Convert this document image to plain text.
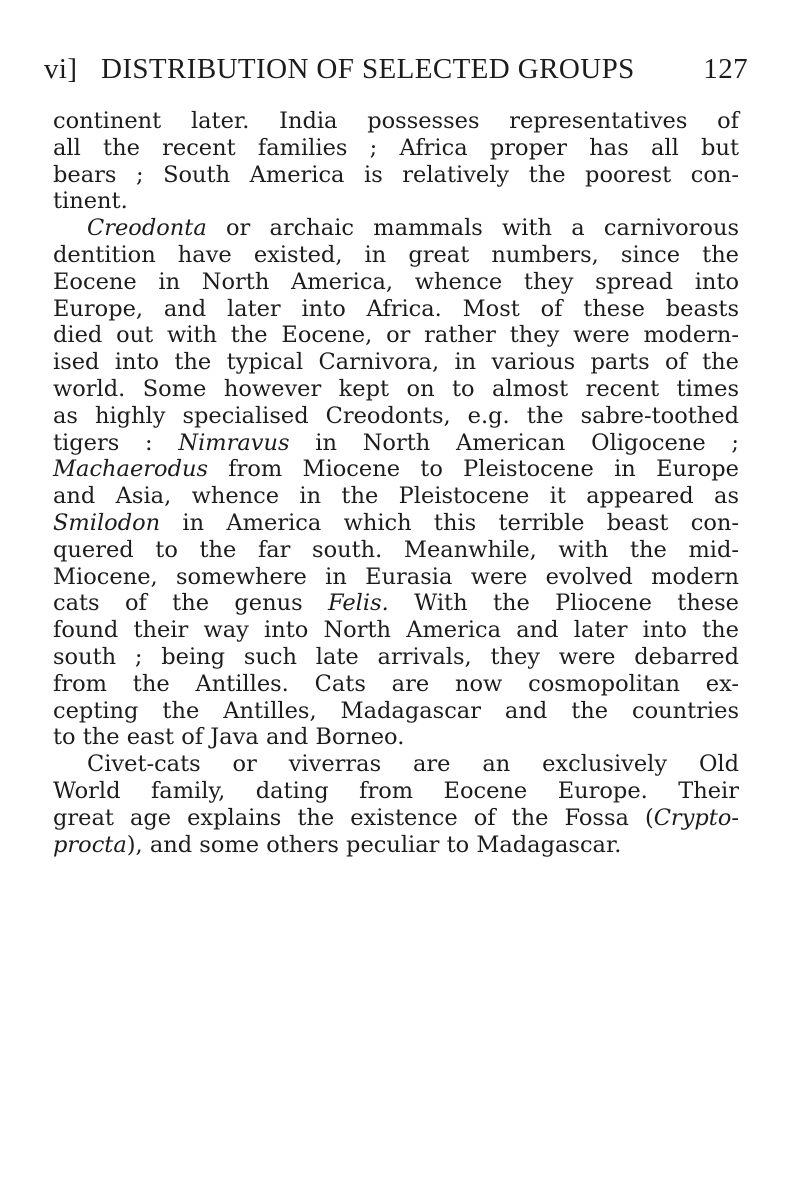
vi] DISTRIBUTION OF SELECTED GROUPS 127
continent later. India possesses representatives of
all the recent families ; Africa proper has all but
bears ; South America is relatively the poorest con-
tinent.
Creodonta or archaic mammals with a carnivorous
dentition have existed, in great numbers, since the
Eocene in North America, whence they spread into
Europe, and later into Africa. Most of these beasts
died out with the Eocene, or rather they were modern-
ised into the typical Carnivora, in various parts of the
world. Some however kept on to almost recent times
as highly specialised Creodonts, e.g. the sabre-toothed
tigers : Nimravus in North American Oligocene ;
Machaerodus from Miocene to Pleistocene in Europe
and Asia, whence in the Pleistocene it appeared as
Smilodon in America which this terrible beast con-
quered to the far south. Meanwhile, with the mid-
Miocene, somewhere in Eurasia were evolved modern
cats of the genus Felis. With the Pliocene these
found their way into North America and later into the
south ; being such late arrivals, they were debarred
from the Antilles. Cats are now cosmopolitan ex-
cepting the Antilles, Madagascar and the countries
to the east of Java and Borneo.
Civet-cats or viverras are an exclusively Old
World family, dating from Eocene Europe. Their
great age explains the existence of the Fossa (Crypto-
procta), and some others peculiar to Madagascar.
